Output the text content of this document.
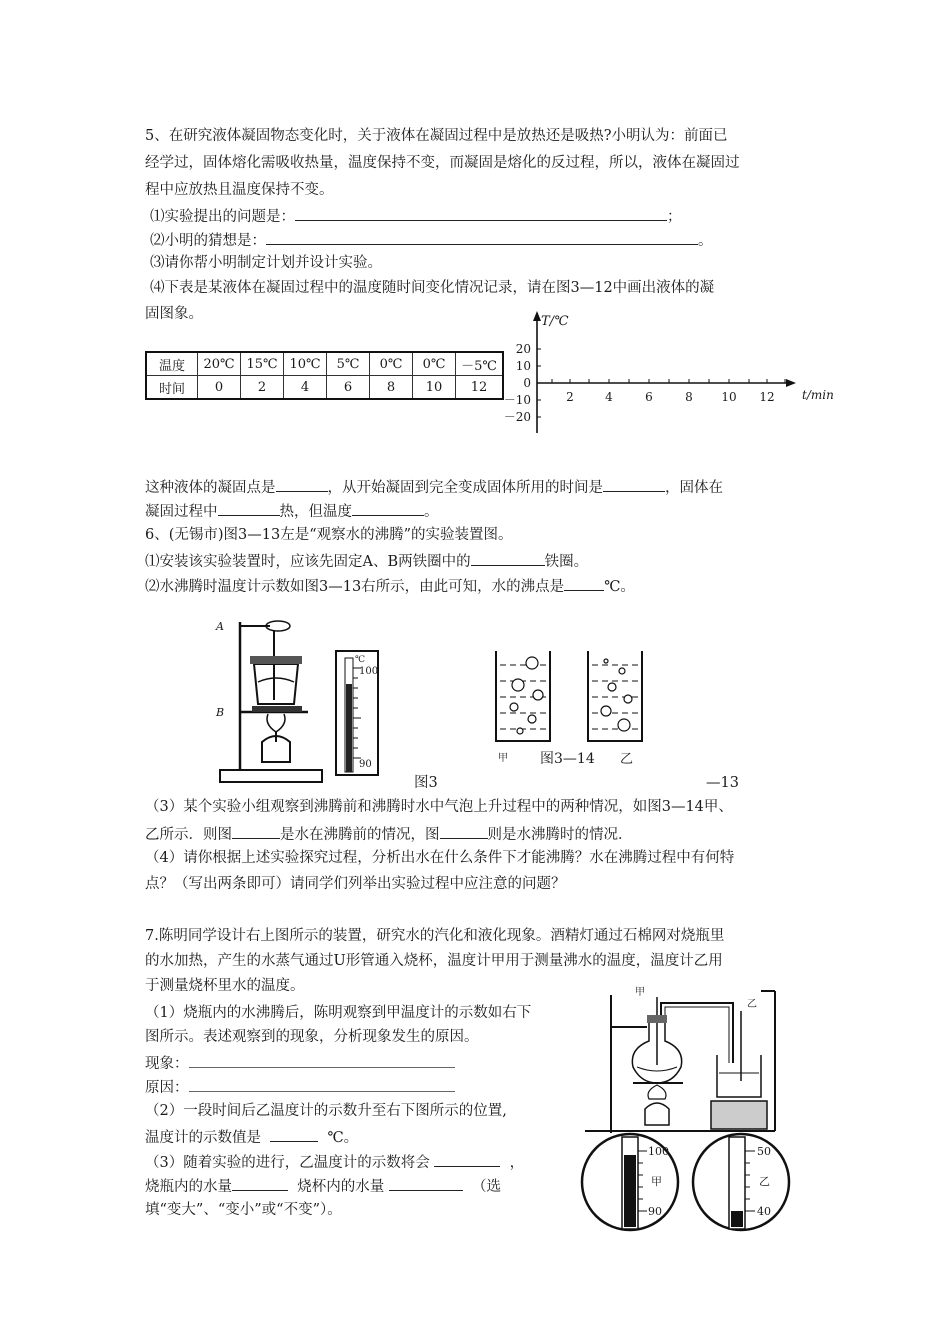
5、在研究液体凝固物态变化时，关于液体在凝固过程中是放热还是吸热?小明认为：前面已
经学过，固体熔化需吸收热量，温度保持不变，而凝固是熔化的反过程，所以，液体在凝固过
程中应放热且温度保持不变。
⑴实验提出的问题是：	；
⑵小明的猜想是：	。
⑶请你帮小明制定计划并设计实验。
⑷下表是某液体在凝固过程中的温度随时间变化情况记录，请在图3—12中画出液体的凝
固图象。
温度	20℃	15℃	10℃	5℃	0℃	0℃	－5℃
时间	0	2	4	6	8	10	12
T/℃
t/min
20
10
0
－10
－20
2	4	6	8 10 12
这种液体的凝固点是	，从开始凝固到完全变成固体所用的时间是	，固体在
凝固过程中	热，但温度	。
6、(无锡市)图3—13左是“观察水的沸腾”的实验装置图。
⑴安装该实验装置时，应该先固定A、B两铁圈中的	铁圈。
⑵水沸腾时温度计示数如图3—13右所示，由此可知，水的沸点是	℃。
A
B
℃
100
90
甲 图3—14 乙
图3	—13
（3）某个实验小组观察到沸腾前和沸腾时水中气泡上升过程中的两种情况，如图3—14甲、
乙所示．则图	是水在沸腾前的情况，图	则是水沸腾时的情况．
（4）请你根据上述实验探究过程，分析出水在什么条件下才能沸腾？水在沸腾过程中有何特
点？（写出两条即可）请同学们列举出实验过程中应注意的问题？
7.陈明同学设计右上图所示的装置，研究水的汽化和液化现象。酒精灯通过石棉网对烧瓶里
的水加热，产生的水蒸气通过U形管通入烧杯，温度计甲用于测量沸水的温度，温度计乙用
于测量烧杯里水的温度。
（1）烧瓶内的水沸腾后，陈明观察到甲温度计的示数如右下
图所示。表述观察到的现象，分析现象发生的原因。
现象：
原因：
（2）一段时间后乙温度计的示数升至右下图所示的位置,
温度计的示数值是	℃。
（3）随着实验的进行，乙温度计的示数将会	，
烧瓶内的水量	烧杯内的水量	（选
填“变大”、“变小”或“不变”）。
甲
乙
100
甲
90
50
乙
40
